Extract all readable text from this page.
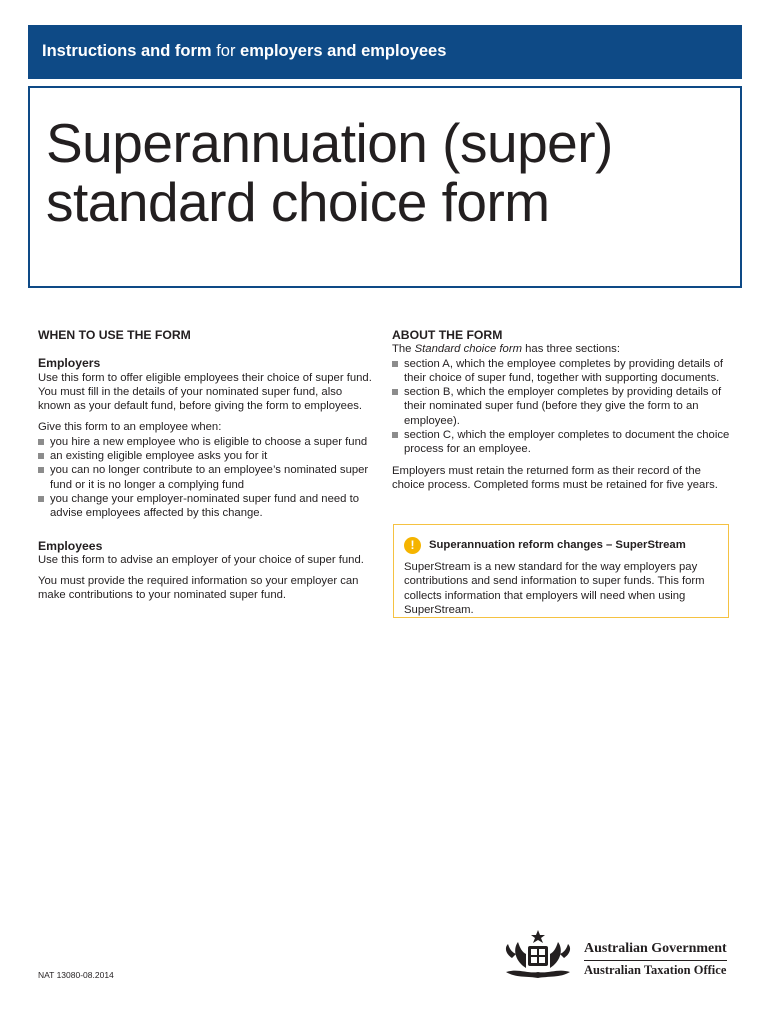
Instructions and form for employers and employees
Superannuation (super)
standard choice form

WHEN TO USE THE FORM

Employers

Use this form to offer eligible employees their choice of super fund. You must fill in the details of your nominated super fund, also known as your default fund, before giving the form to employees.

Give this form to an employee when:

you hire a new employee who is eligible to choose a super fund
an existing eligible employee asks you for it
you can no longer contribute to an employee’s nominated super fund or it is no longer a complying fund
you change your employer-nominated super fund and need to advise employees affected by this change.

Employees

Use this form to advise an employer of your choice of super fund.

You must provide the required information so your employer can make contributions to your nominated super fund.

ABOUT THE FORM

The Standard choice form has three sections:

section A, which the employee completes by providing details of their choice of super fund, together with supporting documents.
section B, which the employer completes by providing details of their nominated super fund (before they give the form to an employee).
section C, which the employer completes to document the choice process for an employee.

Employers must retain the returned form as their record of the choice process. Completed forms must be retained for five years.

!	Superannuation reform changes – SuperStream

SuperStream is a new standard for the way employers pay contributions and send information to super funds. This form collects information that employers will need when using SuperStream.

NAT 13080-08.2014
Australian Government
Australian Taxation Office
